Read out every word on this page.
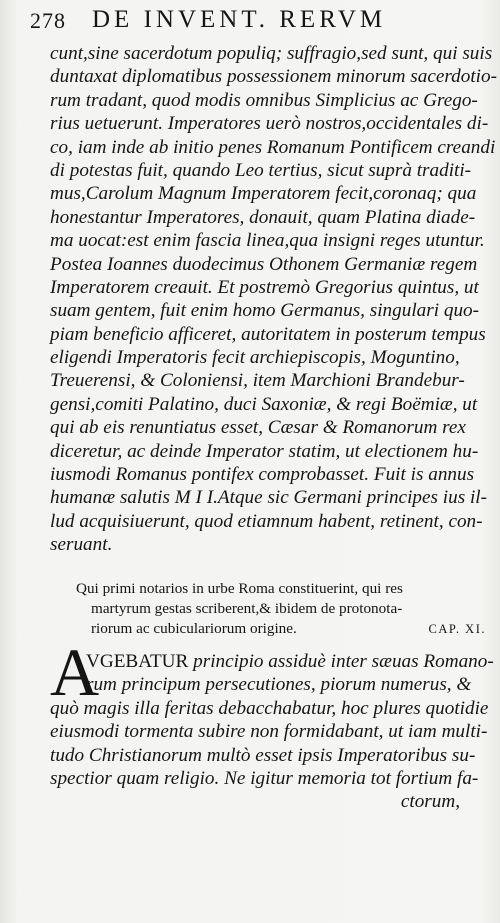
278 DE INVENT. RERVM
cunt,sine sacerdotum populiq; suffragio,sed sunt, qui suis
duntaxat diplomatibus possessionem minorum sacerdotio-
rum tradant, quod modis omnibus Simplicius ac Grego-
rius uetuerunt. Imperatores uerò nostros,occidentales di-
co, iam inde ab initio penes Romanum Pontificem creandi
di potestas fuit, quando Leo tertius, sicut suprà traditi-
mus,Carolum Magnum Imperatorem fecit,coronaq; qua
honestantur Imperatores, donauit, quam Platina diade-
ma uocat:est enim fascia linea,qua insigni reges utuntur.
Postea Ioannes duodecimus Othonem Germaniæ regem
Imperatorem creauit. Et postremò Gregorius quintus, ut
suam gentem, fuit enim homo Germanus, singulari quo-
piam beneficio afficeret, autoritatem in posterum tempus
eligendi Imperatoris fecit archiepiscopis, Moguntino,
Treuerensi, & Coloniensi, item Marchioni Brandebur-
gensi,comiti Palatino, duci Saxoniæ, & regi Boëmiæ, ut
qui ab eis renuntiatus esset, Cæsar & Romanorum rex
diceretur, ac deinde Imperator statim, ut electionem hu-
iusmodi Romanus pontifex comprobasset. Fuit is annus
humanæ salutis M I I.Atque sic Germani principes ius il-
lud acquisiuerunt, quod etiamnum habent, retinent, con-
seruant.
Qui primi notarios in urbe Roma constituerint, qui res
martyrum gestas scriberent,& ibidem de protonota-
riorum ac cubiculariorum origine.	CAP. XI.
A
VGEBATUR principio assiduè inter sæuas Romano-
rum principum persecutiones, piorum numerus, &
quò magis illa feritas debacchabatur, hoc plures quotidie
eiusmodi tormenta subire non formidabant, ut iam multi-
tudo Christianorum multò esset ipsis Imperatoribus su-
spectior quam religio. Ne igitur memoria tot fortium fa-
ctorum,
